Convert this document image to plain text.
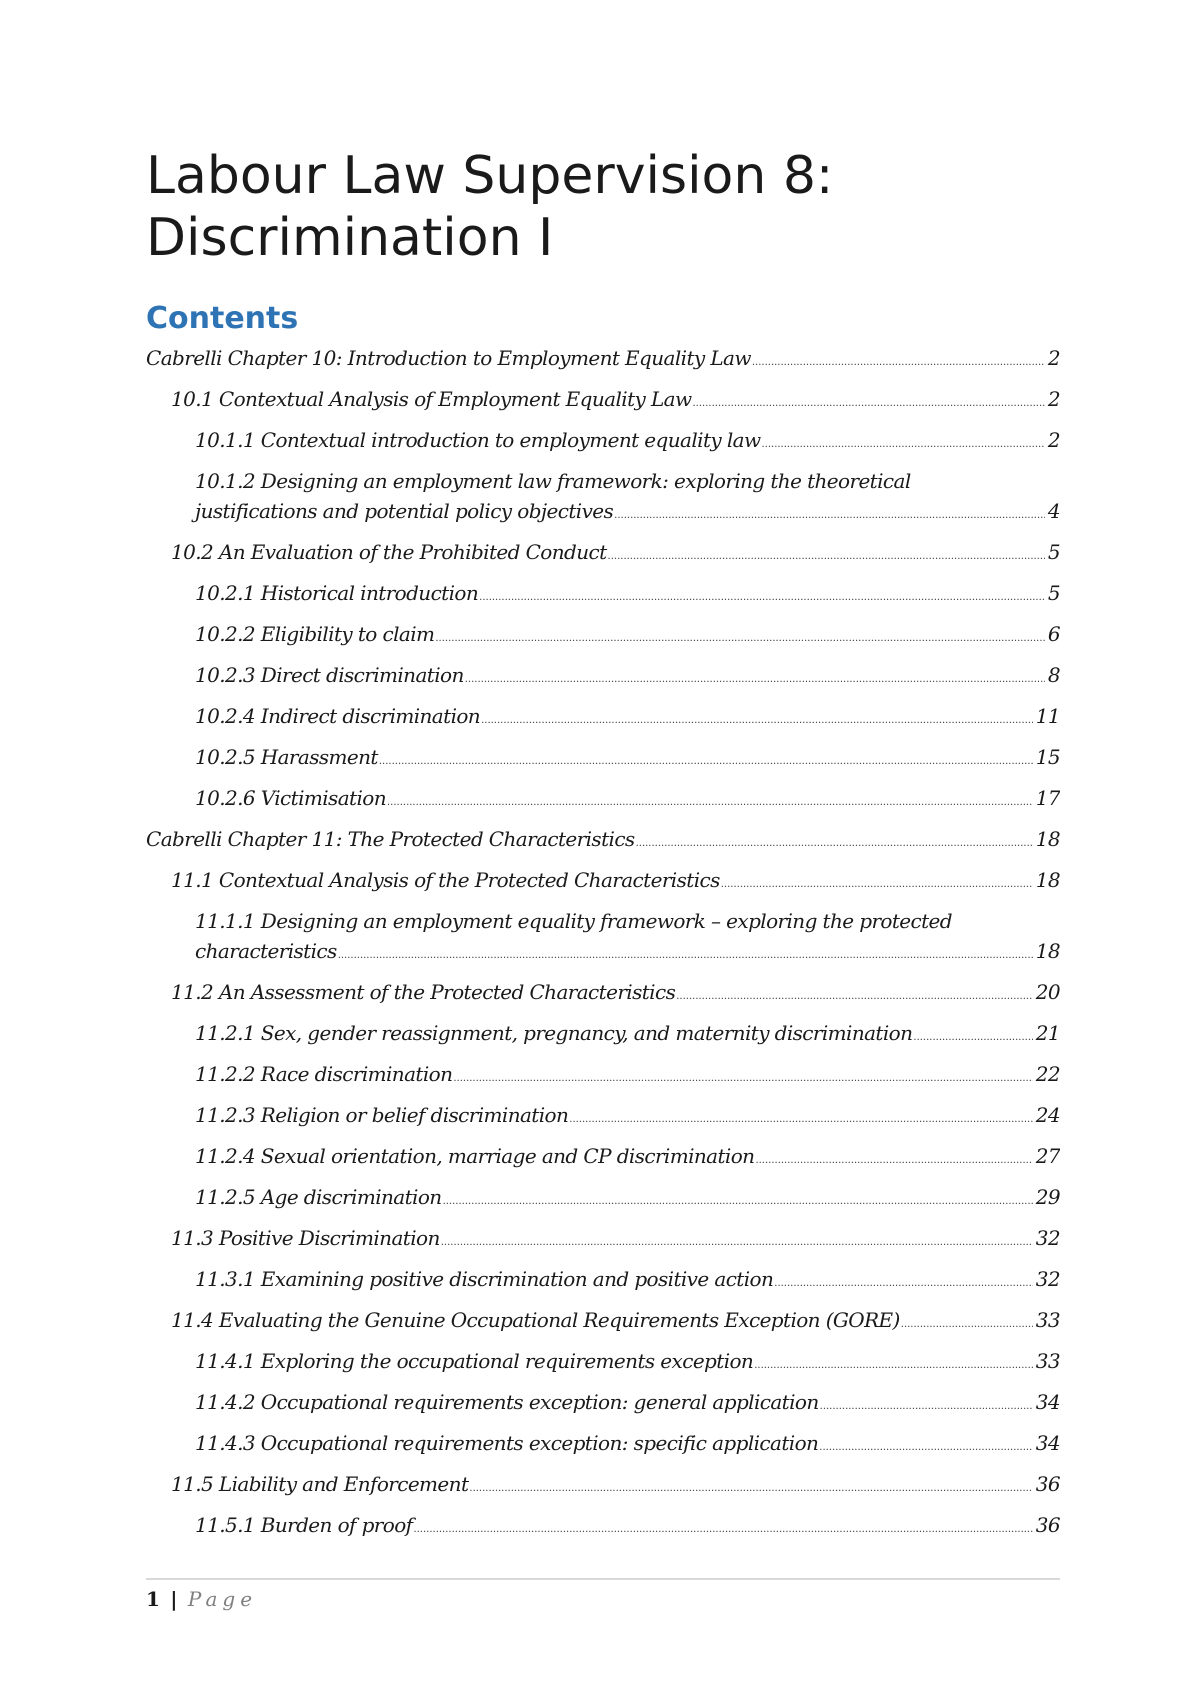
Labour Law Supervision 8:
Discrimination I
Contents
Cabrelli Chapter 10: Introduction to Employment Equality Law .....	2
10.1 Contextual Analysis of Employment Equality Law .....	2
10.1.1 Contextual introduction to employment equality law .....	2
10.1.2 Designing an employment law framework: exploring the theoretical
justifications and potential policy objectives .....	4
10.2 An Evaluation of the Prohibited Conduct .....	5
10.2.1 Historical introduction .....	5
10.2.2 Eligibility to claim .....	6
10.2.3 Direct discrimination .....	8
10.2.4 Indirect discrimination .....	11
10.2.5 Harassment .....	15
10.2.6 Victimisation .....	17
Cabrelli Chapter 11: The Protected Characteristics .....	18
11.1 Contextual Analysis of the Protected Characteristics .....	18
11.1.1 Designing an employment equality framework – exploring the protected
characteristics .....	18
11.2 An Assessment of the Protected Characteristics .....	20
11.2.1 Sex, gender reassignment, pregnancy, and maternity discrimination .....	21
11.2.2 Race discrimination .....	22
11.2.3 Religion or belief discrimination .....	24
11.2.4 Sexual orientation, marriage and CP discrimination .....	27
11.2.5 Age discrimination .....	29
11.3 Positive Discrimination .....	32
11.3.1 Examining positive discrimination and positive action .....	32
11.4 Evaluating the Genuine Occupational Requirements Exception (GORE) .....	33
11.4.1 Exploring the occupational requirements exception .....	33
11.4.2 Occupational requirements exception: general application .....	34
11.4.3 Occupational requirements exception: specific application .....	34
11.5 Liability and Enforcement .....	36
11.5.1 Burden of proof .....	36
1 | Page
